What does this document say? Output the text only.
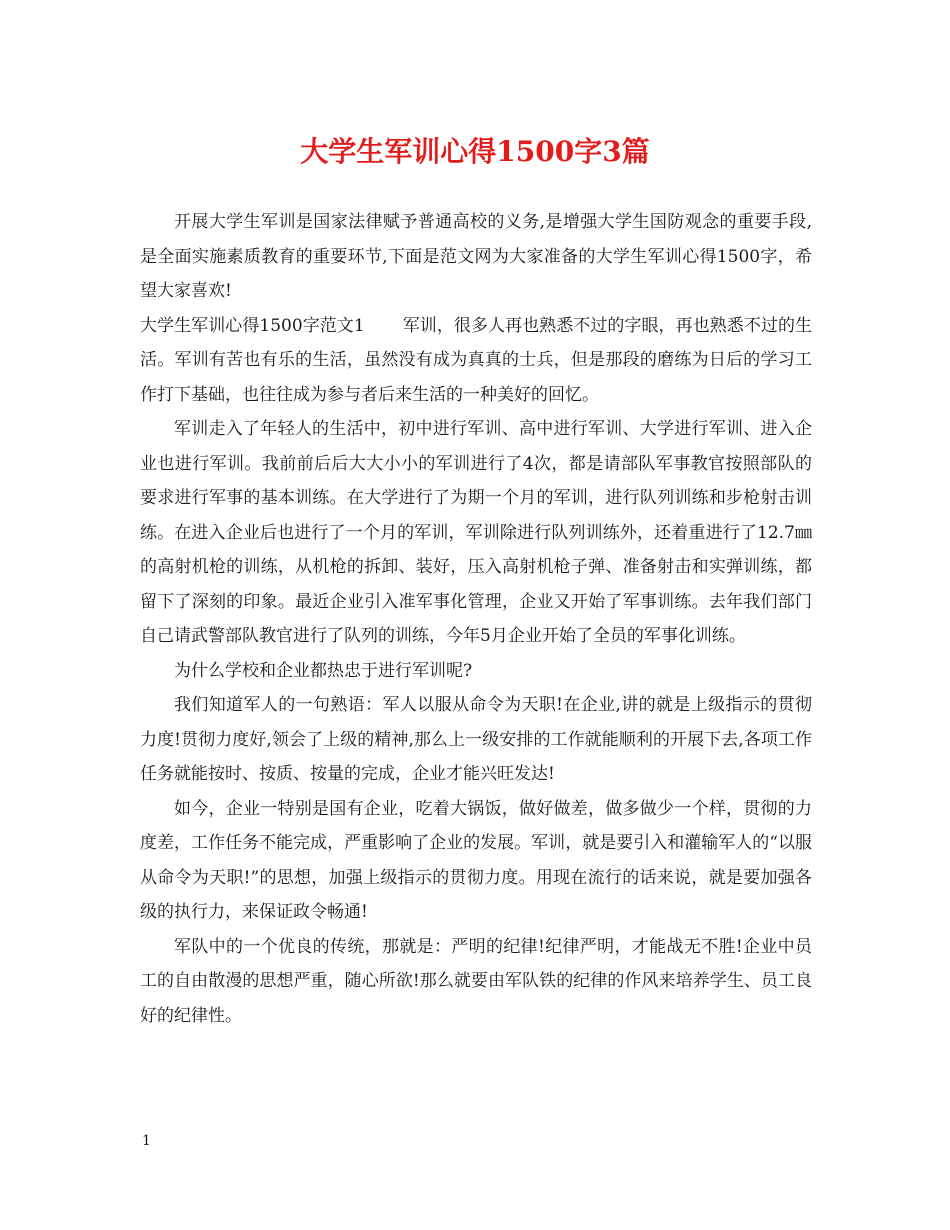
大学生军训心得1500字3篇

开展大学生军训是国家法律赋予普通高校的义务,是增强大学生国防观念的重要手段,是全面实施素质教育的重要环节,下面是范文网为大家准备的大学生军训心得1500字，希望大家喜欢!

大学生军训心得1500字范文1 军训，很多人再也熟悉不过的字眼，再也熟悉不过的生活。军训有苦也有乐的生活，虽然没有成为真真的士兵，但是那段的磨练为日后的学习工作打下基础，也往往成为参与者后来生活的一种美好的回忆。

军训走入了年轻人的生活中，初中进行军训、高中进行军训、大学进行军训、进入企业也进行军训。我前前后后大大小小的军训进行了4次，都是请部队军事教官按照部队的要求进行军事的基本训练。在大学进行了为期一个月的军训，进行队列训练和步枪射击训练。在进入企业后也进行了一个月的军训，军训除进行队列训练外，还着重进行了12.7㎜的高射机枪的训练，从机枪的拆卸、装好，压入高射机枪子弹、准备射击和实弹训练，都留下了深刻的印象。最近企业引入准军事化管理，企业又开始了军事训练。去年我们部门自己请武警部队教官进行了队列的训练，今年5月企业开始了全员的军事化训练。

为什么学校和企业都热忠于进行军训呢?

我们知道军人的一句熟语：军人以服从命令为天职!在企业,讲的就是上级指示的贯彻力度!贯彻力度好,领会了上级的精神,那么上一级安排的工作就能顺利的开展下去,各项工作任务就能按时、按质、按量的完成，企业才能兴旺发达!

如今，企业一特别是国有企业，吃着大锅饭，做好做差，做多做少一个样，贯彻的力度差，工作任务不能完成，严重影响了企业的发展。军训，就是要引入和灌输军人的“以服从命令为天职!”的思想，加强上级指示的贯彻力度。用现在流行的话来说，就是要加强各级的执行力，来保证政令畅通!

军队中的一个优良的传统，那就是：严明的纪律!纪律严明，才能战无不胜!企业中员工的自由散漫的思想严重，随心所欲!那么就要由军队铁的纪律的作风来培养学生、员工良好的纪律性。

1
